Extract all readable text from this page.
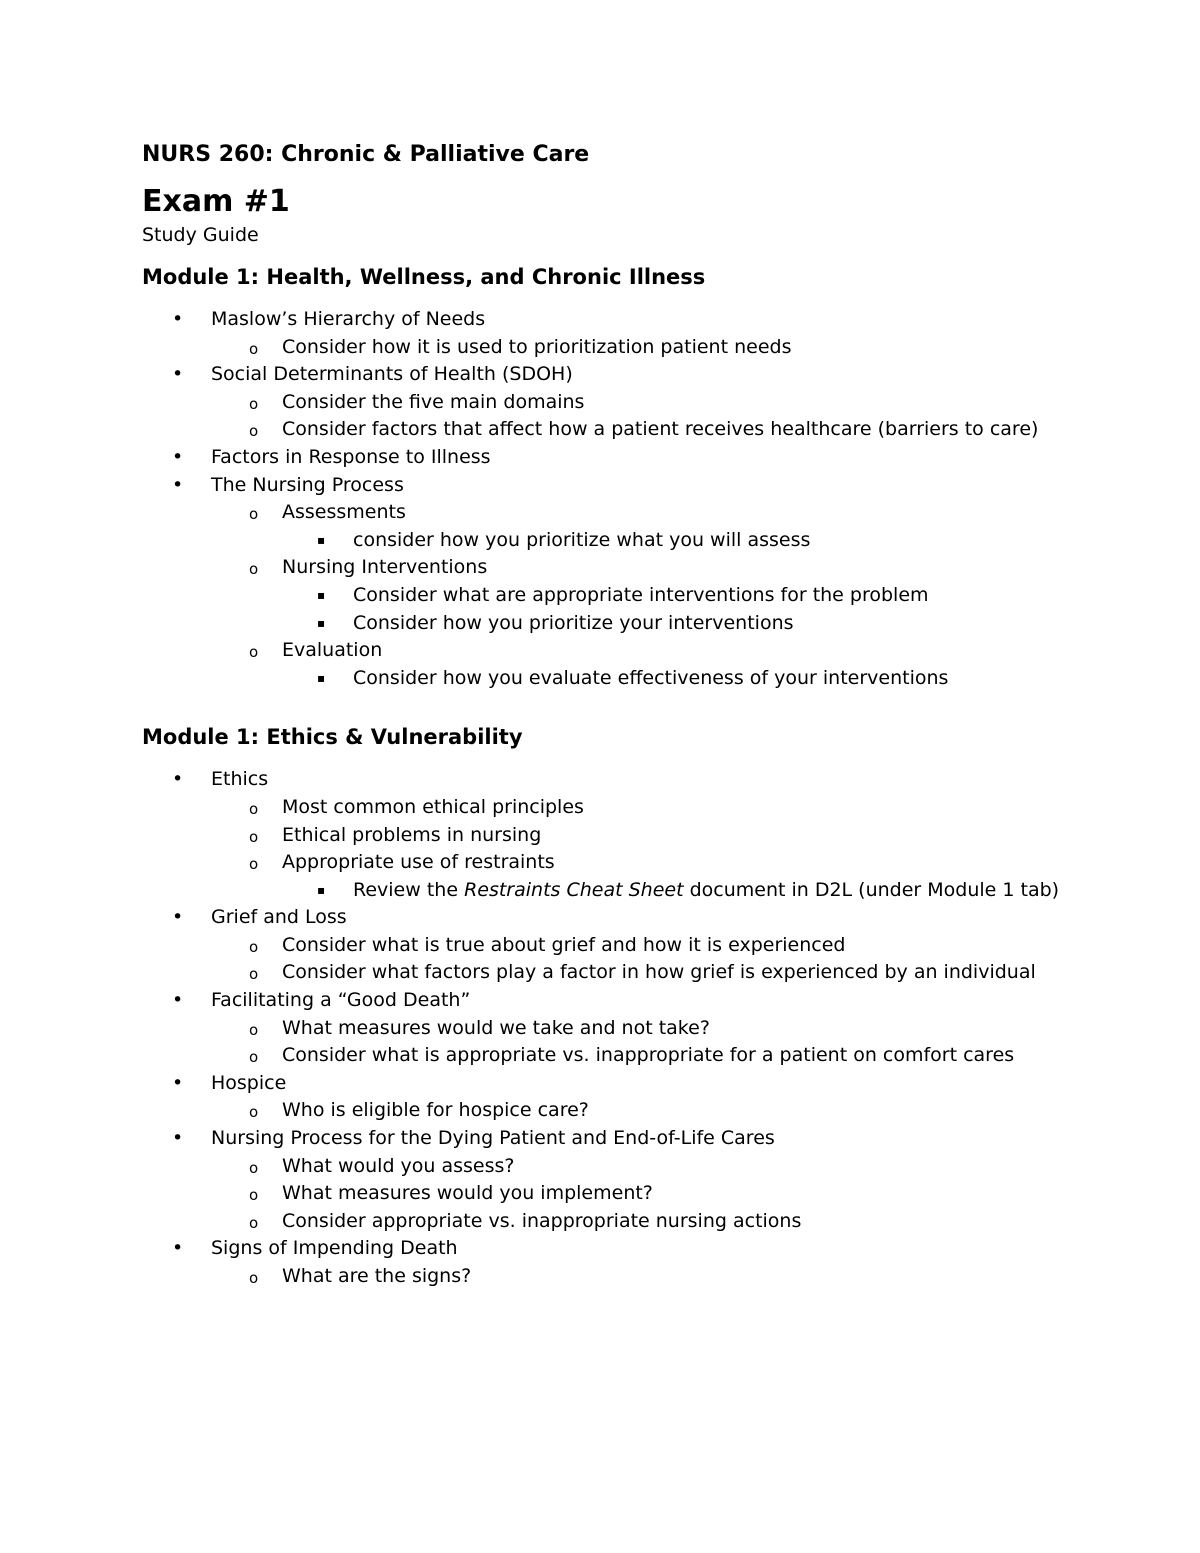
NURS 260: Chronic & Palliative Care
Exam #1
Study Guide
Module 1: Health, Wellness, and Chronic Illness
• Maslow’s Hierarchy of Needs
o Consider how it is used to prioritization patient needs
• Social Determinants of Health (SDOH)
o Consider the five main domains
o Consider factors that affect how a patient receives healthcare (barriers to care)
• Factors in Response to Illness
• The Nursing Process
o Assessments
▪ consider how you prioritize what you will assess
o Nursing Interventions
▪ Consider what are appropriate interventions for the problem
▪ Consider how you prioritize your interventions
o Evaluation
▪ Consider how you evaluate effectiveness of your interventions
Module 1: Ethics & Vulnerability
• Ethics
o Most common ethical principles
o Ethical problems in nursing
o Appropriate use of restraints
▪ Review the Restraints Cheat Sheet document in D2L (under Module 1 tab)
• Grief and Loss
o Consider what is true about grief and how it is experienced
o Consider what factors play a factor in how grief is experienced by an individual
• Facilitating a “Good Death”
o What measures would we take and not take?
o Consider what is appropriate vs. inappropriate for a patient on comfort cares
• Hospice
o Who is eligible for hospice care?
• Nursing Process for the Dying Patient and End-of-Life Cares
o What would you assess?
o What measures would you implement?
o Consider appropriate vs. inappropriate nursing actions
• Signs of Impending Death
o What are the signs?
